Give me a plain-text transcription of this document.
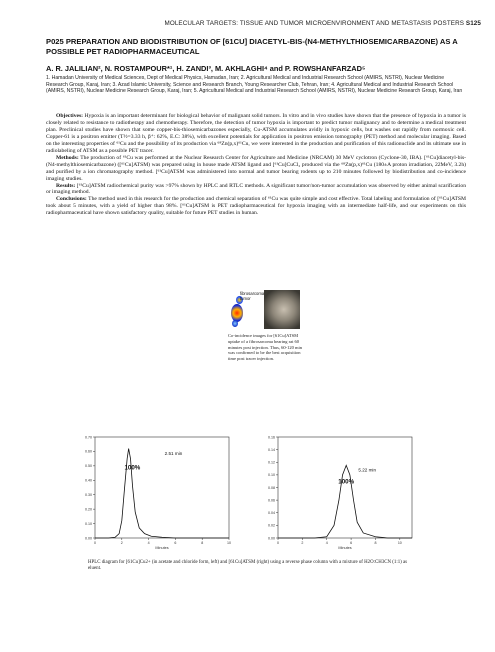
MOLECULAR TARGETS: TISSUE AND TUMOR MICROENVIRONMENT AND METASTASIS POSTERS S125
P025 PREPARATION AND BIODISTRIBUTION OF [61CU] DIACETYL-BIS-(N4-METHYLTHIOSEMICARBAZONE) AS A POSSIBLE PET RADIOPHARMACEUTICAL
A. R. JALILIAN², N. ROSTAMPOUR*¹, H. ZANDI³, M. AKHLAGHI⁴ and P. ROWSHANFARZAD⁵
1. Hamadan University of Medical Sciences, Dept of Medical Physics, Hamadan, Iran; 2. Agricultural Medical and Industrial Research School (AMIRS, NSTRI), Nuclear Medicine Research Group, Karaj, Iran; 3. Azad Islamic University, Science and Research Branch, Young Researcher Club, Tehran, Iran; 4. Agricultural Medical and Industrial Research School (AMIRS, NSTRI), Nuclear Medicine Research Group, Karaj, Iran; 5. Agricultural Medical and Industrial Research School (AMIRS, NSTRI), Nuclear Medicine Research Group, Karaj, Iran

Objectives: Hypoxia is an important determinant for biological behavior of malignant solid tumors. In vitro and in vivo studies have shown that the presence of hypoxia in a tumor is closely related to resistance to radiotherapy and chemotherapy. Therefore, the detection of tumor hypoxia is important to predict tumor malignancy and to determine a medical treatment plan. Preclinical studies have shown that some copper-bis-thiosemicarbazones especially, Cu-ATSM accumulates avidly in hypoxic cells, but washes out rapidly from normoxic cell. Copper-61 is a positron emitter (T½=3.33 h, β⁺: 62%, E.C: 38%), with excellent potentials for application in positron emission tomography (PET) method and molecular imaging. Based on the interesting properties of ⁶¹Cu and the possibility of its production via ⁶⁸Zn(p,x)⁶¹Cu, we were interested in the production and purification of this radionuclide and its ultimate use in radiolabeling of ATSM as a possible PET tracer.

Methods: The production of ⁶¹Cu was performed at the Nuclear Research Center for Agriculture and Medicine (NRCAM) 30 MeV cyclotron (Cyclone-30, IBA). [⁶¹Cu]diacetyl-bis-(N4-methylthiosemicarbazone) ([⁶¹Cu]ATSM) was prepared using in house made ATSM ligand and [⁶¹Cu]CuCl₂ produced via the ⁶⁸Zn(p,x)⁶¹Cu (180±A proton irradiation, 22MeV, 3.2h) and purified by a ion chromatography method. [⁶¹Cu]ATSM was administered into normal and tumor bearing rodents up to 210 minutes followed by biodistribution and co-incidence imaging studies.

Results: [⁶¹Cu]ATSM radiochemical purity was >97% shown by HPLC and RTLC methods. A significant tumor/non-tumor accumulation was observed by either animal scarification or imaging method.

Conclusions: The method used in this research for the production and chemical separation of ⁶¹Cu was quite simple and cost effective. Total labeling and formulation of [⁶¹Cu]ATSM took about 5 minutes, with a yield of higher than 98%. [⁶¹Cu]ATSM is PET radiopharmaceutical for hypoxia imaging with an intermediate half-life, and our experiments on this radiopharmaceutical have shown satisfactory quality, suitable for future PET studies in human.

fibrosarcoma tumor
Co-incidence images for [61Cu]ATSM uptake of a fibrosarcoma bearing rat 60 minutes post injection. Thus, 60-120 min was confirmed to be the best acquisition time post tracer injection.
0.00
0.10
0.20
0.30
0.40
0.50
0.60
0.70
0	2	4	6	8	10
Minutes
2.51 min
100%
0.00
0.02
0.04
0.06
0.08
0.10
0.12
0.14
0.16
0	2	4	6	8	10
Minutes
5.22 min
100%
HPLC diagram for [61Cu]Cu2+ (in acetate and chloride form, left) and [61Cu]ATSM (right) using a reverse phase column with a mixture of H2O:CH3CN (1:1) as eluent.
